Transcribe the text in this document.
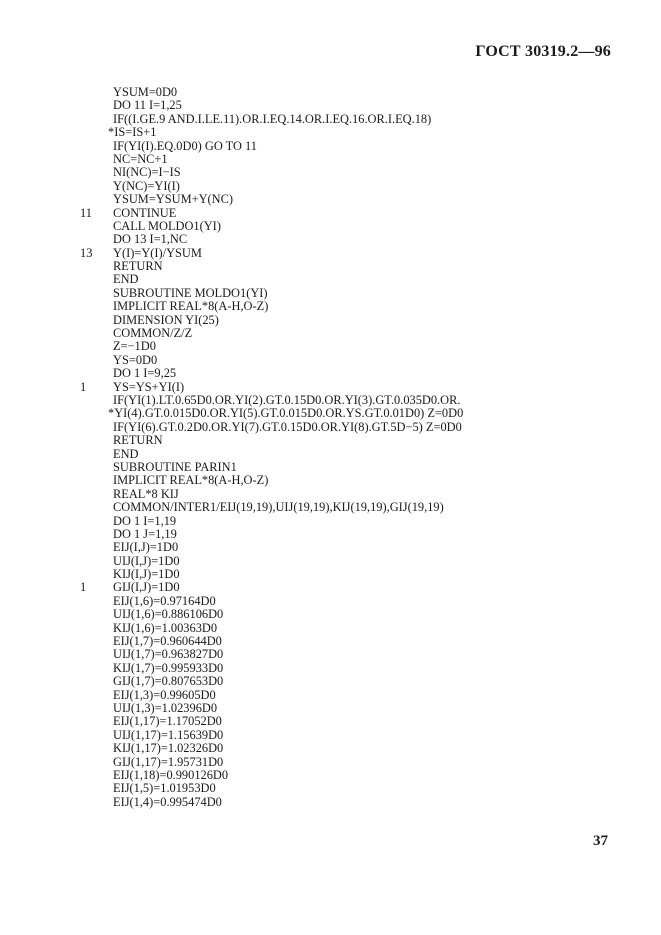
ГОСТ 30319.2—96
YSUM=0D0
DO 11 I=1,25
IF((I.GE.9 AND.I.LE.11).OR.I.EQ.14.OR.I.EQ.16.OR.I.EQ.18)
*IS=IS+1
IF(YI(I).EQ.0D0) GO TO 11
NC=NC+1
NI(NC)=I−IS
Y(NC)=YI(I)
YSUM=YSUM+Y(NC)
11 CONTINUE
CALL MOLDO1(YI)
DO 13 I=1,NC
13 Y(I)=Y(I)/YSUM
RETURN
END
SUBROUTINE MOLDO1(YI)
IMPLICIT REAL*8(A-H,O-Z)
DIMENSION YI(25)
COMMON/Z/Z
Z=−1D0
YS=0D0
DO 1 I=9,25
1 YS=YS+YI(I)
IF(YI(1).LT.0.65D0.OR.YI(2).GT.0.15D0.OR.YI(3).GT.0.035D0.OR.
*YI(4).GT.0.015D0.OR.YI(5).GT.0.015D0.OR.YS.GT.0.01D0) Z=0D0
IF(YI(6).GT.0.2D0.OR.YI(7).GT.0.15D0.OR.YI(8).GT.5D−5) Z=0D0
RETURN
END
SUBROUTINE PARIN1
IMPLICIT REAL*8(A-H,O-Z)
REAL*8 KIJ
COMMON/INTER1/EIJ(19,19),UIJ(19,19),KIJ(19,19),GIJ(19,19)
DO 1 I=1,19
DO 1 J=1,19
EIJ(I,J)=1D0
UIJ(I,J)=1D0
KIJ(I,J)=1D0
1 GIJ(I,J)=1D0
EIJ(1,6)=0.97164D0
UIJ(1,6)=0.886106D0
KIJ(1,6)=1.00363D0
EIJ(1,7)=0.960644D0
UIJ(1,7)=0.963827D0
KIJ(1,7)=0.995933D0
GIJ(1,7)=0.807653D0
EIJ(1,3)=0.99605D0
UIJ(1,3)=1.02396D0
EIJ(1,17)=1.17052D0
UIJ(1,17)=1.15639D0
KIJ(1,17)=1.02326D0
GIJ(1,17)=1.95731D0
EIJ(1,18)=0.990126D0
EIJ(1,5)=1.01953D0
EIJ(1,4)=0.995474D0
37
